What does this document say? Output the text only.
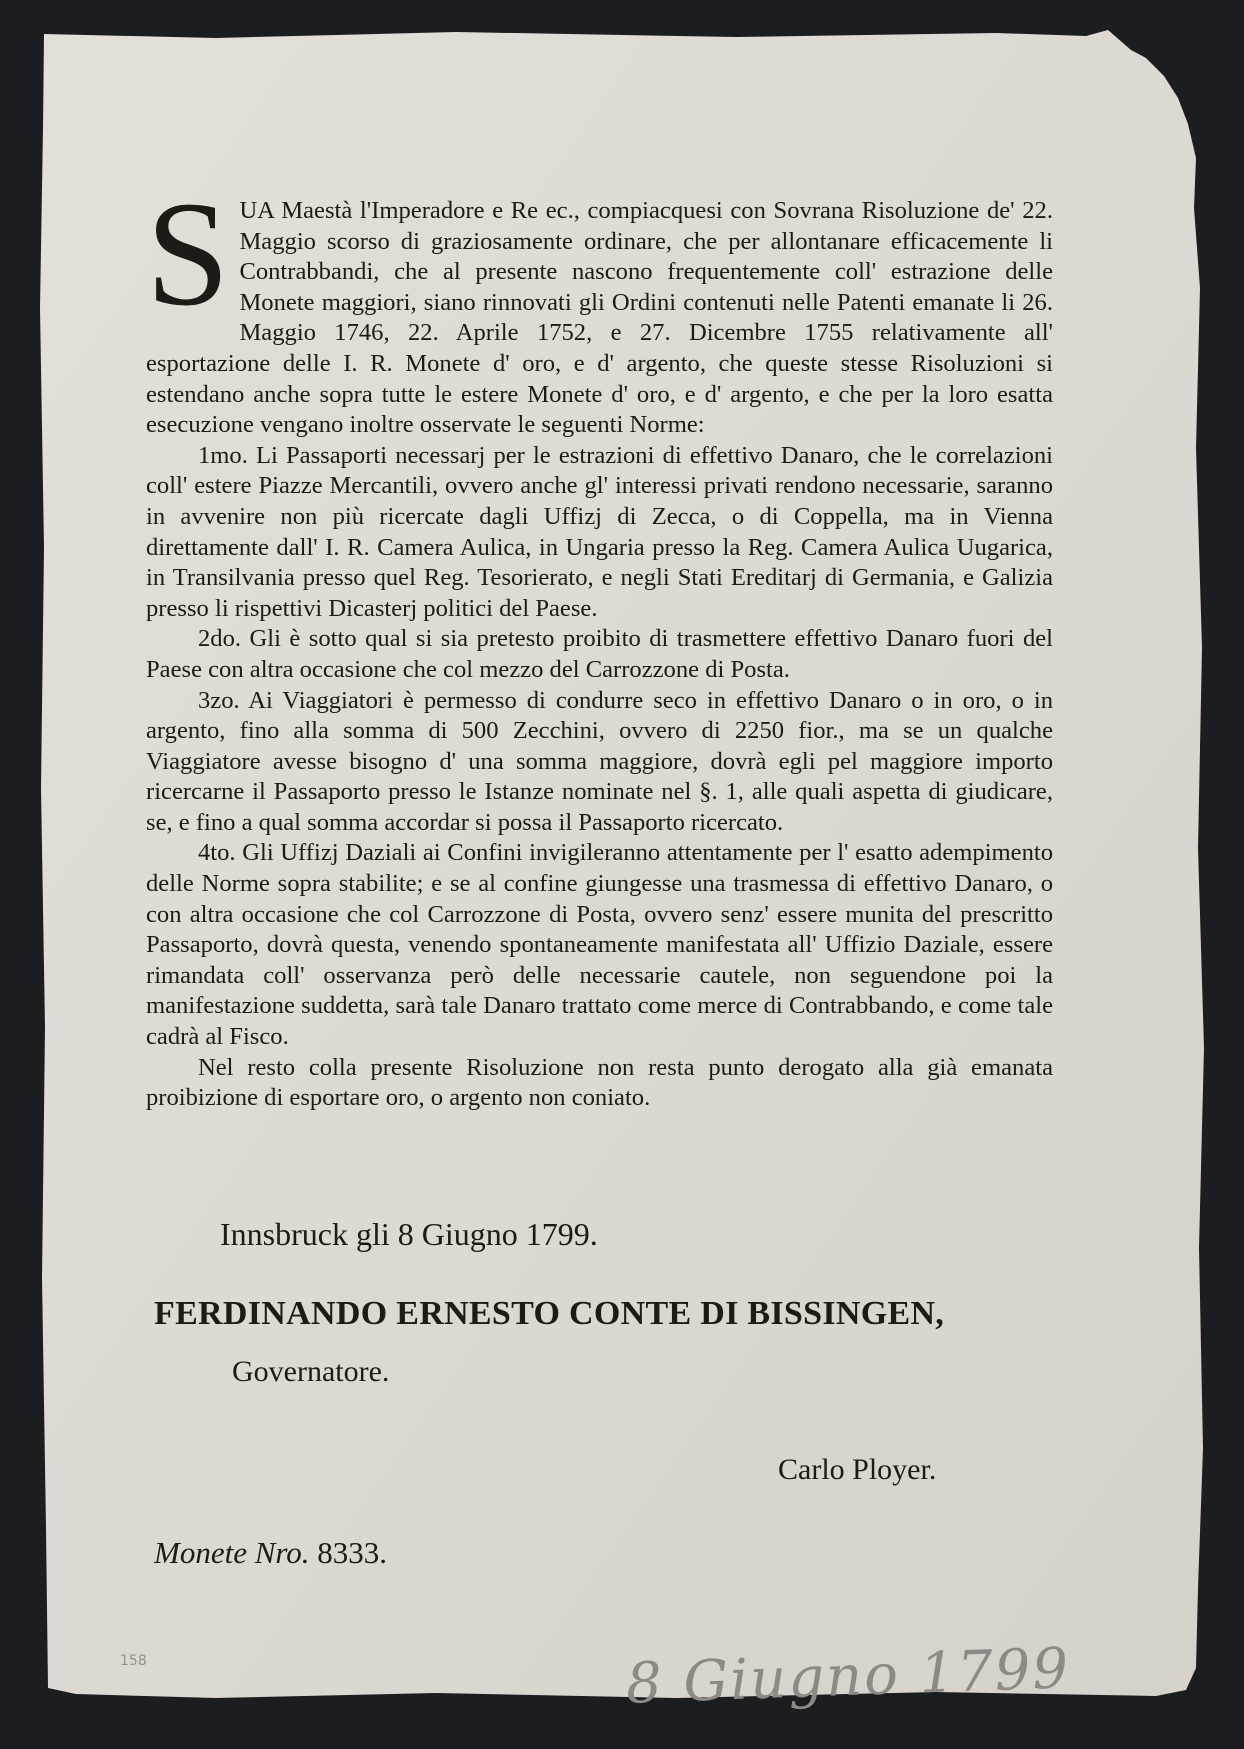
SUA Maestà l'Imperadore e Re ec., compiacquesi con Sovrana Risoluzione de' 22. Maggio scorso di graziosamente ordinare, che per allontanare efficacemente li Contrabbandi, che al presente nascono frequentemente coll' estrazione delle Monete maggiori, siano rinnovati gli Ordini contenuti nelle Patenti emanate li 26. Maggio 1746, 22. Aprile 1752, e 27. Dicembre 1755 relativamente all' esportazione delle I. R. Monete d' oro, e d' argento, che queste stesse Risoluzioni si estendano anche sopra tutte le estere Monete d' oro, e d' argento, e che per la loro esatta esecuzione vengano inoltre osservate le seguenti Norme:

1mo. Li Passaporti necessarj per le estrazioni di effettivo Danaro, che le correlazioni coll' estere Piazze Mercantili, ovvero anche gl' interessi privati rendono necessarie, saranno in avvenire non più ricercate dagli Uffizj di Zecca, o di Coppella, ma in Vienna direttamente dall' I. R. Camera Aulica, in Ungaria presso la Reg. Camera Aulica Uugarica, in Transilvania presso quel Reg. Tesorierato, e negli Stati Ereditarj di Germania, e Galizia presso li rispettivi Dicasterj politici del Paese.

2do. Gli è sotto qual si sia pretesto proibito di trasmettere effettivo Danaro fuori del Paese con altra occasione che col mezzo del Carrozzone di Posta.

3zo. Ai Viaggiatori è permesso di condurre seco in effettivo Danaro o in oro, o in argento, fino alla somma di 500 Zecchini, ovvero di 2250 fior., ma se un qualche Viaggiatore avesse bisogno d' una somma maggiore, dovrà egli pel maggiore importo ricercarne il Passaporto presso le Istanze nominate nel §. 1, alle quali aspetta di giudicare, se, e fino a qual somma accordar si possa il Passaporto ricercato.

4to. Gli Uffizj Daziali ai Confini invigileranno attentamente per l' esatto adempimento delle Norme sopra stabilite; e se al confine giungesse una trasmessa di effettivo Danaro, o con altra occasione che col Carrozzone di Posta, ovvero senz' essere munita del prescritto Passaporto, dovrà questa, venendo spontaneamente manifestata all' Uffizio Daziale, essere rimandata coll' osservanza però delle necessarie cautele, non seguendone poi la manifestazione suddetta, sarà tale Danaro trattato come merce di Contrabbando, e come tale cadrà al Fisco.

Nel resto colla presente Risoluzione non resta punto derogato alla già emanata proibizione di esportare oro, o argento non coniato.

Innsbruck gli 8 Giugno 1799.
FERDINANDO ERNESTO CONTE DI BISSINGEN,
Governatore.
Carlo Ployer.
Monete Nro. 8333.
8 Giugno 1799
158
